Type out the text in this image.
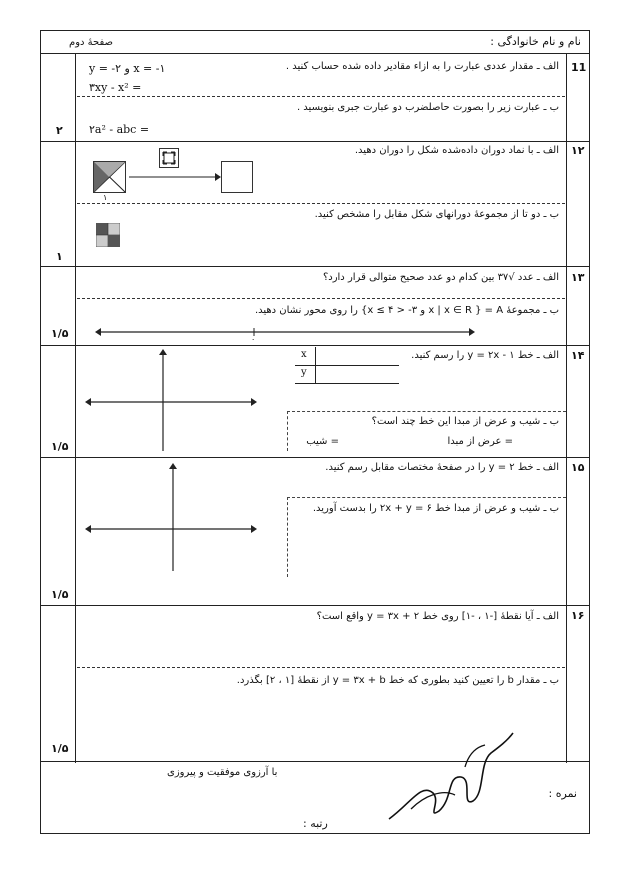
نام و نام خانوادگی :
صفحهٔ دوم
11
الف ـ مقدار عددی عبارت را به ازاء مقادیر داده شده حساب کنید .
y = -۲ و x = -۱
۳xy - x² =
ب ـ عبارت زیر را بصورت حاصلضرب دو عبارت جبری بنویسید .
۲a² - abc =
۲
۱۲
الف ـ با نماد دوران داده‌شده شکل را دوران دهید.
۱
ب ـ دو تا از مجموعهٔ دورانهای شکل مقابل را مشخص کنید.
۱
۱۳
الف ـ عدد √۳۷ بین کدام دو عدد صحیح متوالی قرار دارد؟
ب ـ مجموعهٔ A = { x | x ∈ R و ۳- < x ≤ ۴} را روی محور نشان دهید.
۰
۱/۵
۱۴
الف ـ خط y = ۲x - ۱ را رسم کنید.
x
y
ب ـ شیب و عرض از مبدا این خط چند است؟
= عرض از مبدا
= شیب
۱/۵
۱۵
الف ـ خط y = ۲ را در صفحهٔ مختصات مقابل رسم کنید.
ب ـ شیب و عرض از مبدا خط ۲x + y = ۶ را بدست آورید.
۱/۵
۱۶
الف ـ آیا نقطهٔ [-۱ ، -۱] روی خط y = ۳x + ۲ واقع است؟
ب ـ مقدار b را تعیین کنید بطوری که خط y = ۳x + b از نقطهٔ [۱ ، ۲] بگذرد.
۱/۵
با آرزوی موفقیت و پیروزی
نمره :
رتبه :
